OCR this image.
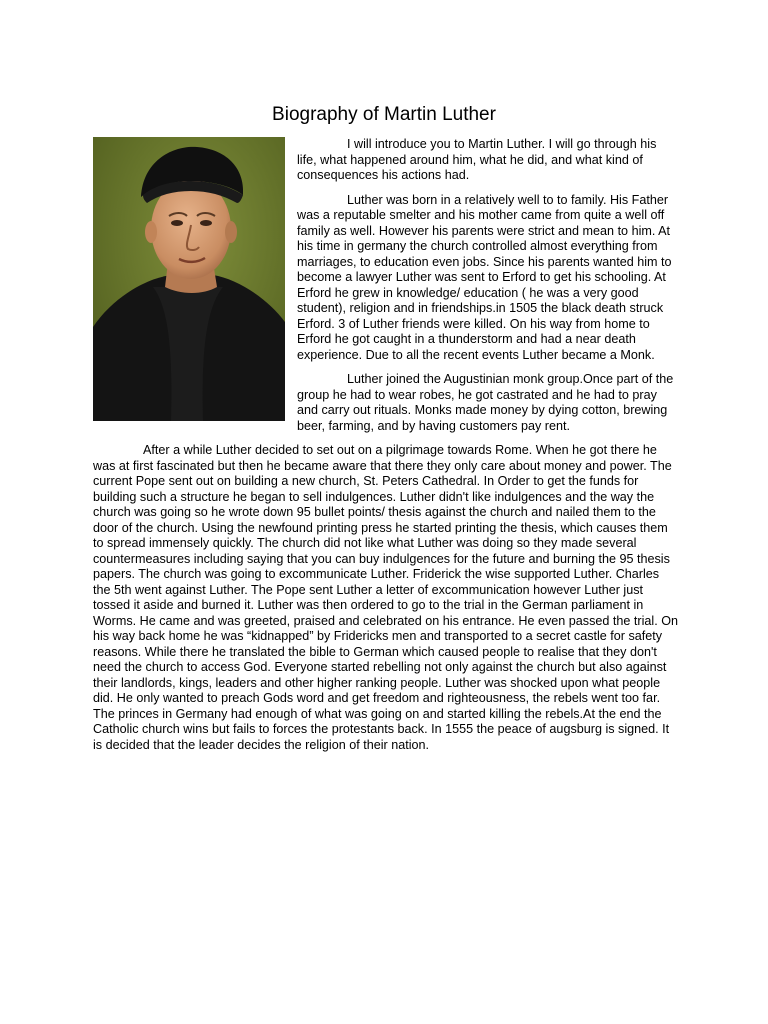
Biography of Martin Luther

I will introduce you to Martin Luther. I will go through his life, what happened around him, what he did, and what kind of consequences his actions had.

Luther was born in a relatively well to to family. His Father was a reputable smelter and his mother came from quite a well off family as well. However his parents were strict and mean to him. At his time in germany the church controlled almost everything from marriages, to education even jobs. Since his parents wanted him to become a lawyer Luther was sent to Erford to get his schooling. At Erford he grew in knowledge/ education ( he was a very good student), religion and in friendships.in 1505 the black death struck Erford. 3 of Luther friends were killed. On his way from home to Erford he got caught in a thunderstorm and had a near death experience. Due to all the recent events Luther became a Monk.

Luther joined the Augustinian monk group.Once part of the group he had to wear robes, he got castrated and he had to pray and carry out rituals. Monks made money by dying cotton, brewing beer, farming, and by having customers pay rent.

After a while Luther decided to set out on a pilgrimage towards Rome. When he got there he was at first fascinated but then he became aware that there they only care about money and power. The current Pope sent out on building a new church, St. Peters Cathedral. In Order to get the funds for building such a structure he began to sell indulgences. Luther didn't like indulgences and the way the church was going so he wrote down 95 bullet points/ thesis against the church and nailed them to the door of the church. Using the newfound printing press he started printing the thesis, which causes them to spread immensely quickly. The church did not like what Luther was doing so they made several countermeasures including saying that you can buy indulgences for the future and burning the 95 thesis papers. The church was going to excommunicate Luther. Friderick the wise supported Luther. Charles the 5th went against Luther. The Pope sent Luther a letter of excommunication however Luther just tossed it aside and burned it. Luther was then ordered to go to the trial in the German parliament in Worms. He came and was greeted, praised and celebrated on his entrance. He even passed the trial. On his way back home he was “kidnapped” by Fridericks men and transported to a secret castle for safety reasons. While there he translated the bible to German which caused people to realise that they don't need the church to access God. Everyone started rebelling not only against the church but also against their landlords, kings, leaders and other higher ranking people. Luther was shocked upon what people did. He only wanted to preach Gods word and get freedom and righteousness, the rebels went too far. The princes in Germany had enough of what was going on and started killing the rebels.At the end the Catholic church wins but fails to forces the protestants back. In 1555 the peace of augsburg is signed. It is decided that the leader decides the religion of their nation.
